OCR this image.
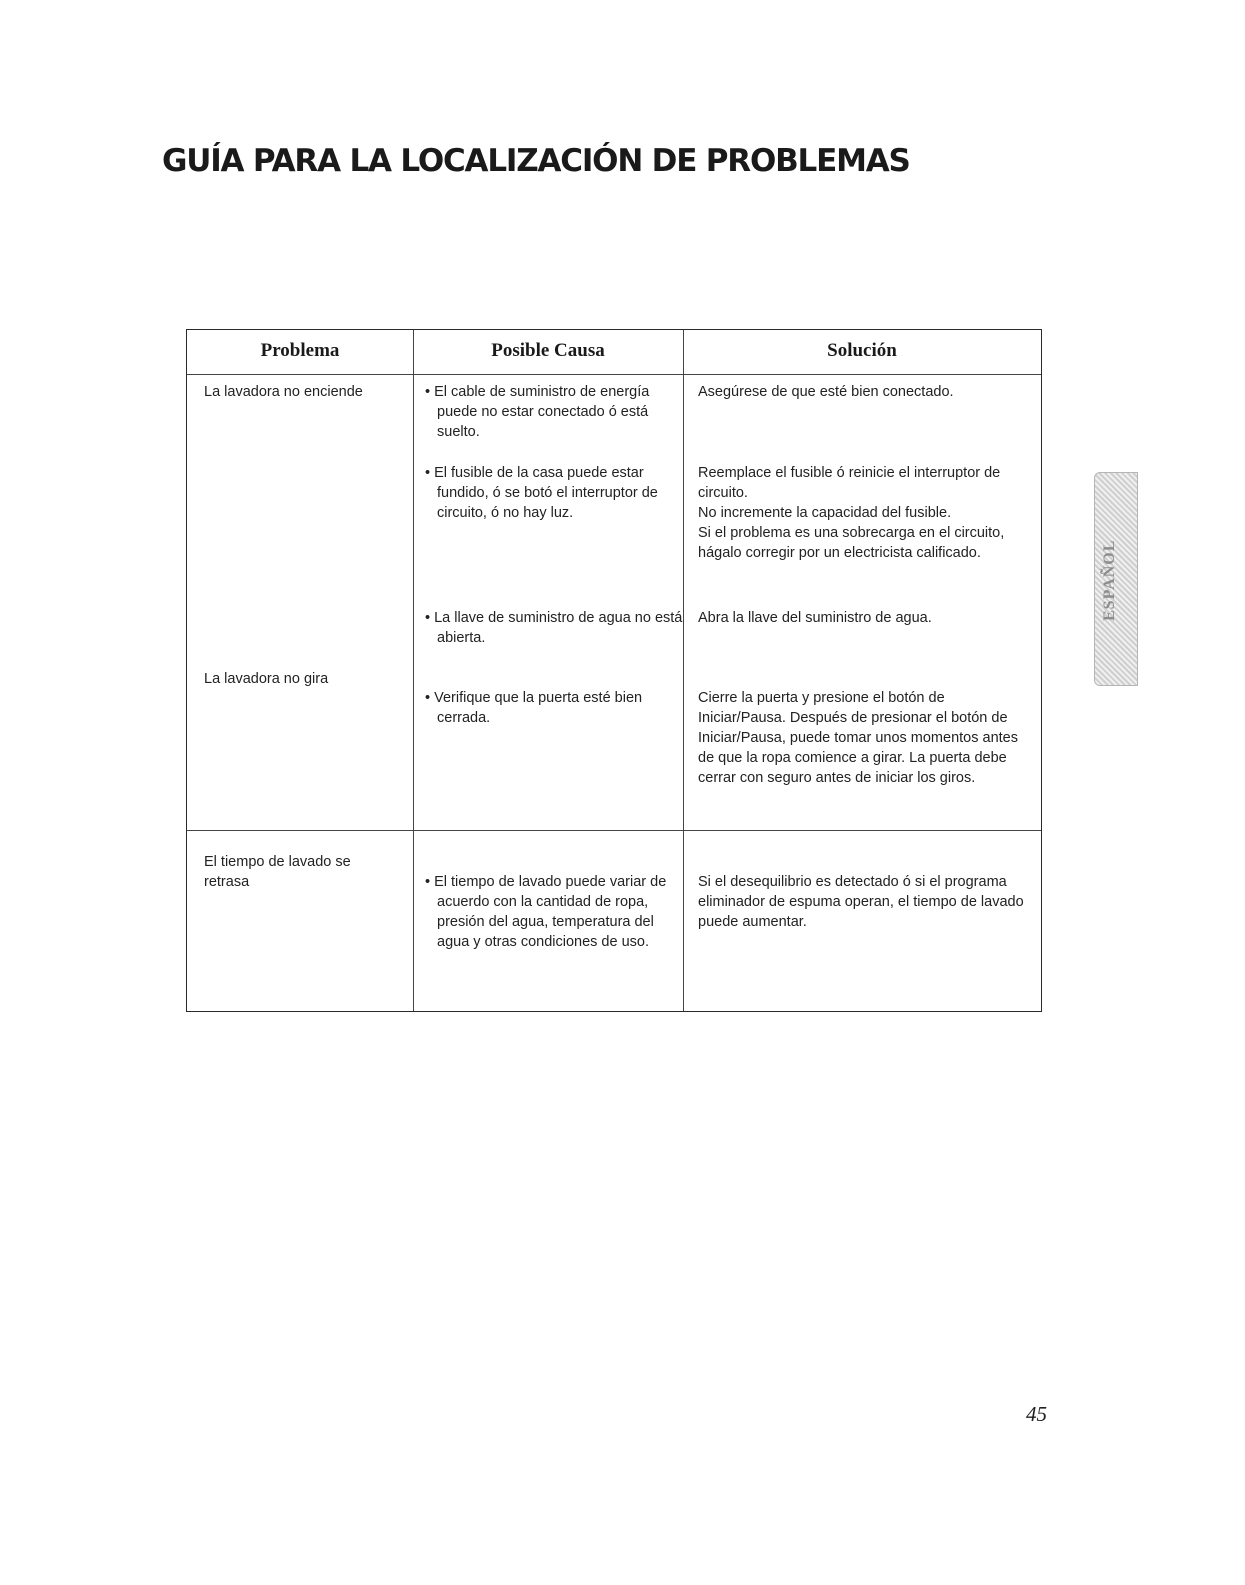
GUÍA PARA LA LOCALIZACIÓN DE PROBLEMAS
Problema	Posible Causa	Solución
La lavadora no enciende
La lavadora no gira
El tiempo de lavado se
retrasa
• El cable de suministro de energía puede no estar conectado ó está suelto.
• El fusible de la casa puede estar fundido, ó se botó el interruptor de circuito, ó no hay luz.
• La llave de suministro de agua no está abierta.
• Verifique que la puerta esté bien cerrada.
• El tiempo de lavado puede variar de acuerdo con la cantidad de ropa, presión del agua, temperatura del agua y otras condiciones de uso.
Asegúrese de que esté bien conectado.
Reemplace el fusible ó reinicie el interruptor de circuito.
No incremente la capacidad del fusible.
Si el problema es una sobrecarga en el circuito, hágalo corregir por un electricista calificado.
Abra la llave del suministro de agua.
Cierre la puerta y presione el botón de Iniciar/Pausa. Después de presionar el botón de Iniciar/Pausa, puede tomar unos momentos antes de que la ropa comience a girar. La puerta debe cerrar con seguro antes de iniciar los giros.
Si el desequilibrio es detectado ó si el programa eliminador de espuma operan, el tiempo de lavado puede aumentar.
ESPAÑOL
45
